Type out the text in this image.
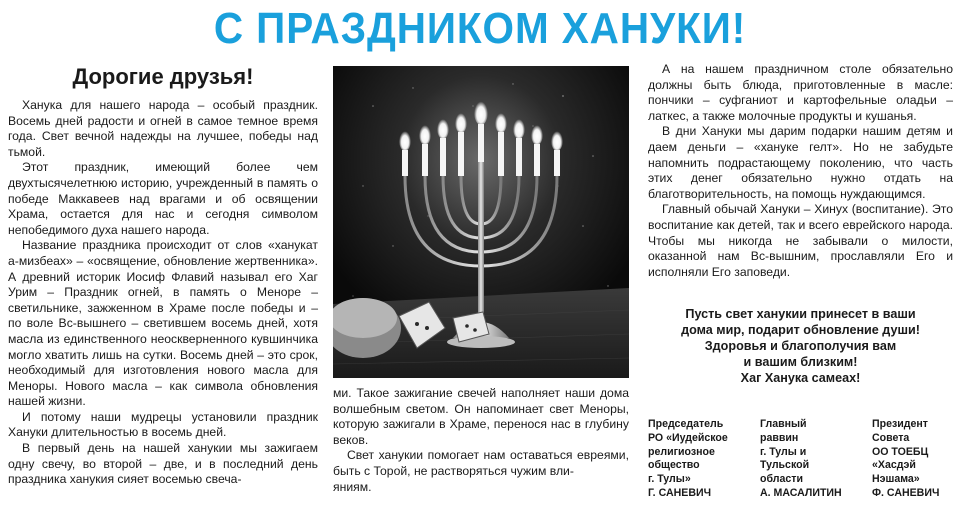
С ПРАЗДНИКОМ ХАНУКИ!
Дорогие друзья!

Ханука для нашего народа – особый праздник. Восемь дней радости и огней в самое темное время года. Свет вечной надежды на лучшее, победы над тьмой.

Этот праздник, имеющий более чем двухтысячелетнюю историю, учрежденный в память о победе Маккавеев над врагами и об освящении Храма, остается для нас и сегодня символом непобедимого духа нашего народа.

Название праздника происходит от слов «ханукат а-мизбеах» – «освящение, обновление жертвенника». А древний историк Иосиф Флавий называл его Хаг Урим – Праздник огней, в память о Меноре – светильнике, зажженном в Храме после победы и – по воле Вс-вышнего – светившем восемь дней, хотя масла из единственного неоскверненного кувшинчика могло хватить лишь на сутки. Восемь дней – это срок, необходимый для изготовления нового масла для Меноры. Нового масла – как символа обновления нашей жизни.

И потому наши мудрецы установили праздник Хануки длительностью в восемь дней.

В первый день на нашей ханукии мы зажигаем одну свечу, во второй – две, и в последний день праздника ханукия сияет восемью свеча-

ми. Такое зажигание свечей наполняет наши дома волшебным светом. Он напоминает свет Меноры, которую зажигали в Храме, перенося нас в глубину веков.

Свет ханукии помогает нам оставаться евреями, быть с Торой, не растворяться чужим вли-

яниям.

А на нашем праздничном столе обязательно должны быть блюда, приготовленные в масле: пончики – суфганиот и картофельные оладьи – латкес, а также молочные продукты и кушанья.

В дни Хануки мы дарим подарки нашим детям и даем деньги – «хануке гелт». Но не забудьте напомнить подрастающему поколению, что часть этих денег обязательно нужно отдать на благотворительность, на помощь нуждающимся.

Главный обычай Хануки – Хинух (воспитание). Это воспитание как детей, так и всего еврейского народа. Чтобы мы никогда не забывали о милости, оказанной нам Вс-вышним, прославляли Его и исполняли Его заповеди.

Пусть свет ханукии принесет в ваши
дома мир, подарит обновление души!
Здоровья и благополучия вам
и вашим близким!
Хаг Ханука самеах!
Председатель
РО «Иудейское
религиозное
общество
г. Тулы»
Г. САНЕВИЧ
Главный
раввин
г. Тулы и
Тульской
области
А. МАСАЛИТИН
Президент
Совета
ОО ТОЕБЦ
«Хасдэй
Нэшама»
Ф. САНЕВИЧ
